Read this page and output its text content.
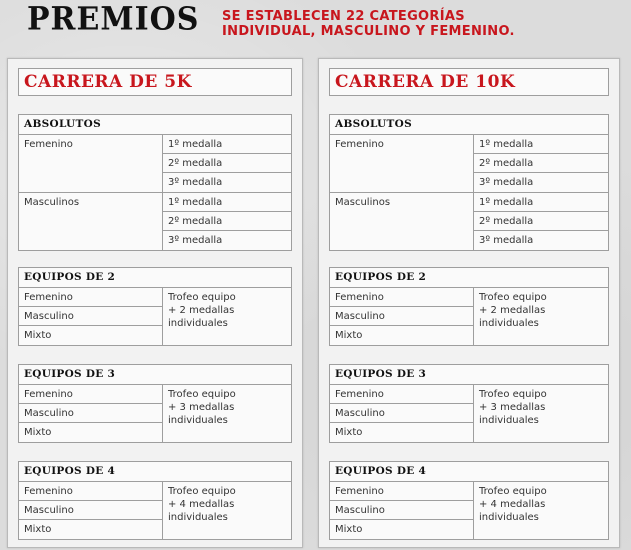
PREMIOS SE ESTABLECEN 22 CATEGORÍAS
INDIVIDUAL, MASCULINO Y FEMENINO.
CARRERA DE 5K
ABSOLUTOS
Femenino	1º medalla
2º medalla
3º medalla
Masculinos	1º medalla
2º medalla
3º medalla
EQUIPOS DE 2
Femenino
Masculino
Mixto
Trofeo equipo
+ 2 medallas individuales
EQUIPOS DE 3
Femenino
Masculino
Mixto
Trofeo equipo
+ 3 medallas individuales
EQUIPOS DE 4
Femenino
Masculino
Mixto
Trofeo equipo
+ 4 medallas individuales
CARRERA DE 10K
ABSOLUTOS
Femenino	1º medalla
2º medalla
3º medalla
Masculinos	1º medalla
2º medalla
3º medalla
EQUIPOS DE 2
Femenino
Masculino
Mixto
Trofeo equipo
+ 2 medallas individuales
EQUIPOS DE 3
Femenino
Masculino
Mixto
Trofeo equipo
+ 3 medallas individuales
EQUIPOS DE 4
Femenino
Masculino
Mixto
Trofeo equipo
+ 4 medallas individuales
